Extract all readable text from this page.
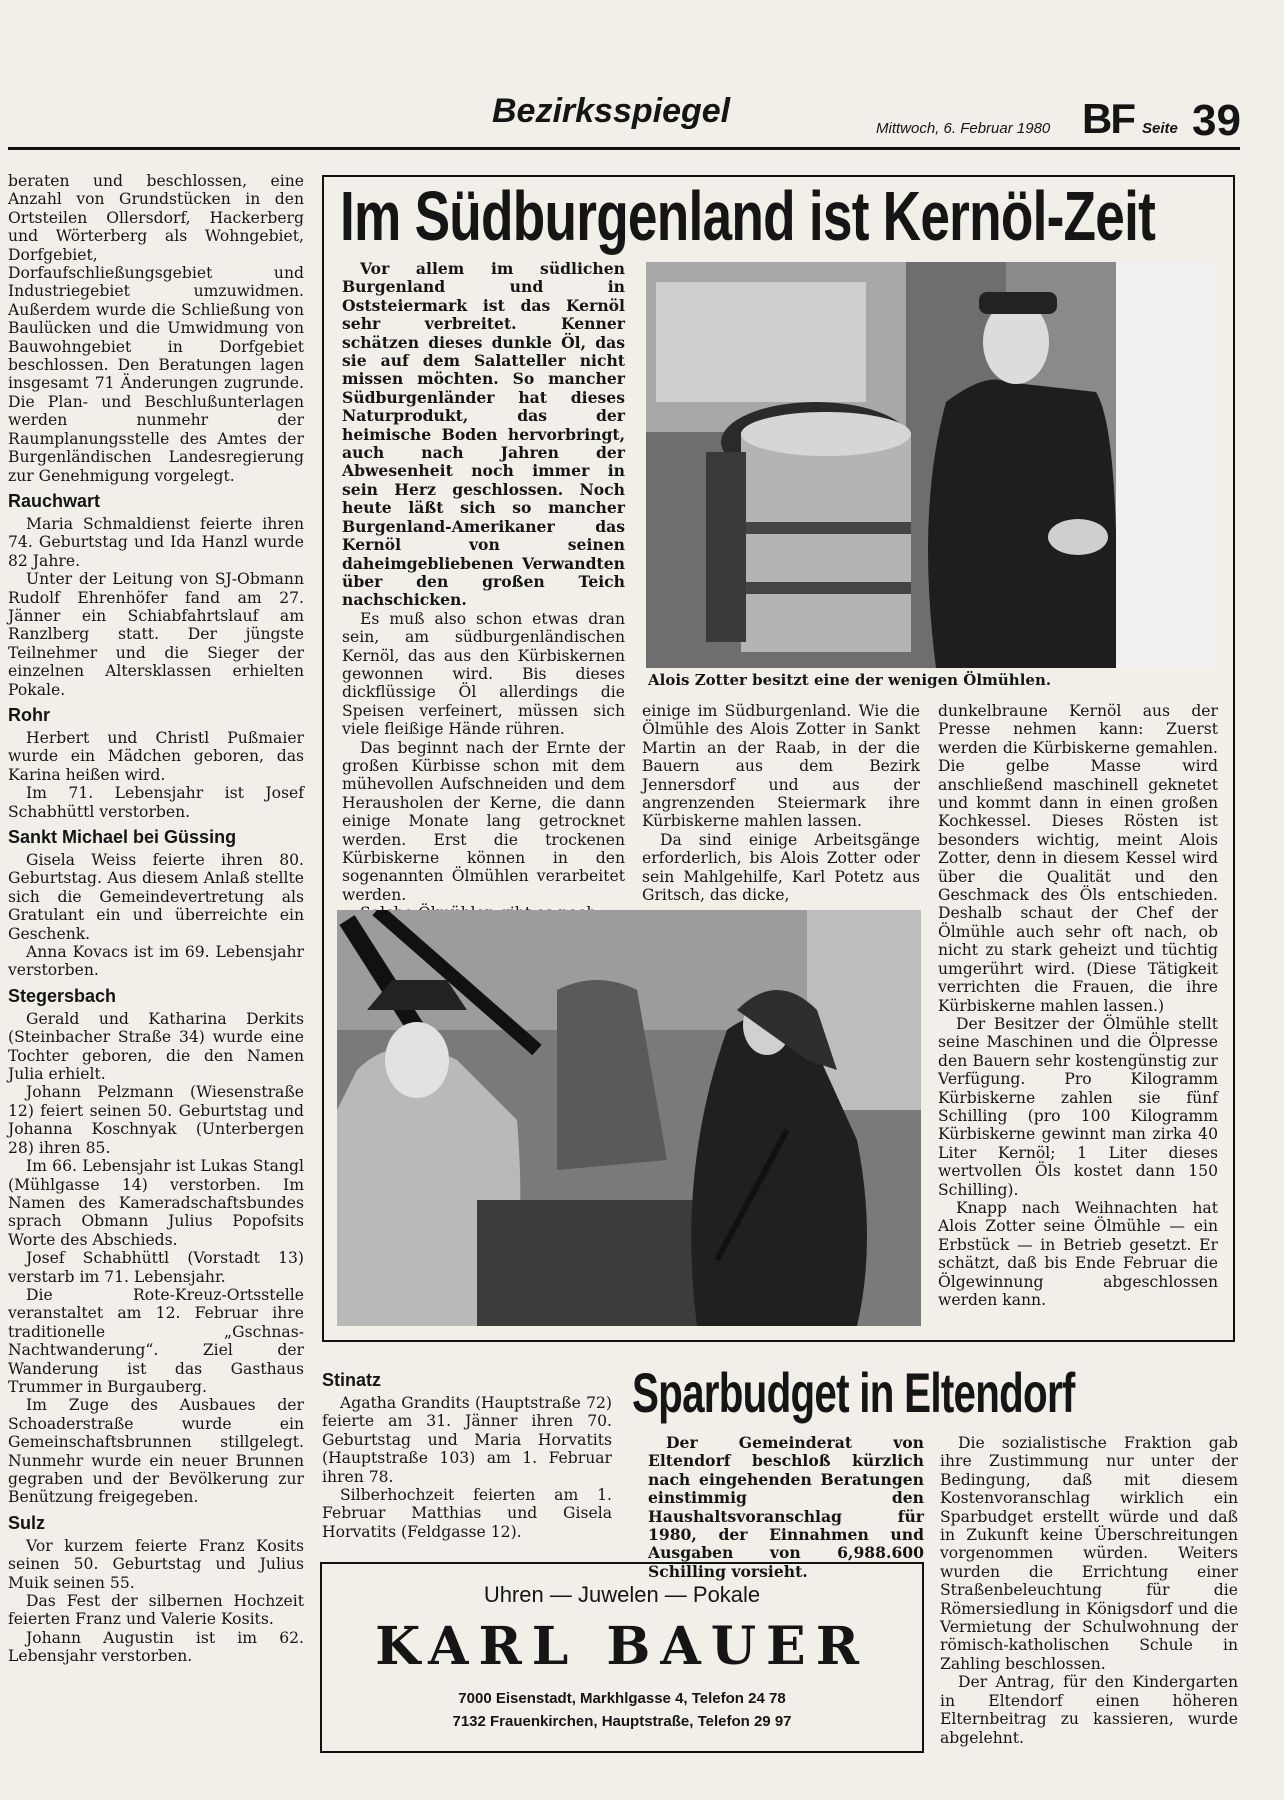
Bezirksspiegel	Mittwoch, 6. Februar 1980 BF Seite 39

beraten und beschlossen, eine Anzahl von Grundstücken in den Ortsteilen Ollersdorf, Hackerberg und Wörterberg als Wohngebiet, Dorfgebiet, Dorfaufschließungsgebiet und Industriegebiet umzuwidmen. Außerdem wurde die Schließung von Baulücken und die Umwidmung von Bauwohngebiet in Dorfgebiet beschlossen. Den Beratungen lagen insgesamt 71 Änderungen zugrunde. Die Plan- und Beschlußunterlagen werden nunmehr der Raumplanungsstelle des Amtes der Burgenländischen Landesregierung zur Genehmigung vorgelegt.

Rauchwart

Maria Schmaldienst feierte ihren 74. Geburtstag und Ida Hanzl wurde 82 Jahre.

Unter der Leitung von SJ-Obmann Rudolf Ehrenhöfer fand am 27. Jänner ein Schiabfahrtslauf am Ranzlberg statt. Der jüngste Teilnehmer und die Sieger der einzelnen Altersklassen erhielten Pokale.

Rohr

Herbert und Christl Pußmaier wurde ein Mädchen geboren, das Karina heißen wird.

Im 71. Lebensjahr ist Josef Schabhüttl verstorben.

Sankt Michael bei Güssing

Gisela Weiss feierte ihren 80. Geburtstag. Aus diesem Anlaß stellte sich die Gemeindevertretung als Gratulant ein und überreichte ein Geschenk.

Anna Kovacs ist im 69. Lebensjahr verstorben.

Stegersbach

Gerald und Katharina Derkits (Steinbacher Straße 34) wurde eine Tochter geboren, die den Namen Julia erhielt.

Johann Pelzmann (Wiesenstraße 12) feiert seinen 50. Geburtstag und Johanna Koschnyak (Unterbergen 28) ihren 85.

Im 66. Lebensjahr ist Lukas Stangl (Mühlgasse 14) verstorben. Im Namen des Kameradschaftsbundes sprach Obmann Julius Popofsits Worte des Abschieds.

Josef Schabhüttl (Vorstadt 13) verstarb im 71. Lebensjahr.

Die Rote-Kreuz-Ortsstelle veranstaltet am 12. Februar ihre traditionelle „Gschnas-Nachtwanderung“. Ziel der Wanderung ist das Gasthaus Trummer in Burgauberg.

Im Zuge des Ausbaues der Schoaderstraße wurde ein Gemeinschaftsbrunnen stillgelegt. Nunmehr wurde ein neuer Brunnen gegraben und der Bevölkerung zur Benützung freigegeben.

Sulz

Vor kurzem feierte Franz Kosits seinen 50. Geburtstag und Julius Muik seinen 55.

Das Fest der silbernen Hochzeit feierten Franz und Valerie Kosits.

Johann Augustin ist im 62. Lebensjahr verstorben.

Im Südburgenland ist Kernöl-Zeit

Vor allem im südlichen Burgenland und in Oststeiermark ist das Kernöl sehr verbreitet. Kenner schätzen dieses dunkle Öl, das sie auf dem Salatteller nicht missen möchten. So mancher Südburgenländer hat dieses Naturprodukt, das der heimische Boden hervorbringt, auch nach Jahren der Abwesenheit noch immer in sein Herz geschlossen. Noch heute läßt sich so mancher Burgenland-Amerikaner das Kernöl von seinen daheimgebliebenen Verwandten über den großen Teich nachschicken.

Es muß also schon etwas dran sein, am südburgenländischen Kernöl, das aus den Kürbiskernen gewonnen wird. Bis dieses dickflüssige Öl allerdings die Speisen verfeinert, müssen sich viele fleißige Hände rühren.

Das beginnt nach der Ernte der großen Kürbisse schon mit dem mühevollen Aufschneiden und dem Herausholen der Kerne, die dann einige Monate lang getrocknet werden. Erst die trockenen Kürbiskerne können in den sogenannten Ölmühlen verarbeitet werden.

Alois Zotter besitzt eine der wenigen Ölmühlen.

einige im Südburgenland. Wie die Ölmühle des Alois Zotter in Sankt Martin an der Raab, in der die Bauern aus dem Bezirk Jennersdorf und aus der angrenzenden Steiermark ihre Kürbiskerne mahlen lassen.

Da sind einige Arbeitsgänge erforderlich, bis Alois Zotter oder sein Mahlgehilfe, Karl Potetz aus Gritsch, das dicke,

dunkelbraune Kernöl aus der Presse nehmen kann: Zuerst werden die Kürbiskerne gemahlen. Die gelbe Masse wird anschließend maschinell geknetet und kommt dann in einen großen Kochkessel. Dieses Rösten ist besonders wichtig, meint Alois Zotter, denn in diesem Kessel wird über die Qualität und den Geschmack des Öls entschieden. Deshalb schaut der Chef der Ölmühle auch sehr oft nach, ob nicht zu stark geheizt und tüchtig umgerührt wird. (Diese Tätigkeit verrichten die Frauen, die ihre Kürbiskerne mahlen lassen.)

Der Besitzer der Ölmühle stellt seine Maschinen und die Ölpresse den Bauern sehr kostengünstig zur Verfügung. Pro Kilogramm Kürbiskerne zahlen sie fünf Schilling (pro 100 Kilogramm Kürbiskerne gewinnt man zirka 40 Liter Kernöl; 1 Liter dieses wertvollen Öls kostet dann 150 Schilling).

Knapp nach Weihnachten hat Alois Zotter seine Ölmühle — ein Erbstück — in Betrieb gesetzt. Er schätzt, daß bis Ende Februar die Ölgewinnung abgeschlossen werden kann.

Stinatz

Agatha Grandits (Hauptstraße 72) feierte am 31. Jänner ihren 70. Geburtstag und Maria Horvatits (Hauptstraße 103) am 1. Februar ihren 78.

Silberhochzeit feierten am 1. Februar Matthias und Gisela Horvatits (Feldgasse 12).

Sparbudget in Eltendorf

Der Gemeinderat von Eltendorf beschloß kürzlich nach eingehenden Beratungen einstimmig den Haushaltsvoranschlag für 1980, der Einnahmen und Ausgaben von 6,988.600 Schilling vorsieht.

Die sozialistische Fraktion gab ihre Zustimmung nur unter der Bedingung, daß mit diesem Kostenvoranschlag wirklich ein Sparbudget erstellt würde und daß in Zukunft keine Überschreitungen vorgenommen würden. Weiters wurden die Errichtung einer Straßenbeleuchtung für die Römersiedlung in Königsdorf und die Vermietung der Schulwohnung der römisch-katholischen Schule in Zahling beschlossen.

Der Antrag, für den Kindergarten in Eltendorf einen höheren Elternbeitrag zu kassieren, wurde abgelehnt.

Uhren — Juwelen — Pokale
KARL BAUER
7000 Eisenstadt, Markhlgasse 4, Telefon 24 78
7132 Frauenkirchen, Hauptstraße, Telefon 29 97
